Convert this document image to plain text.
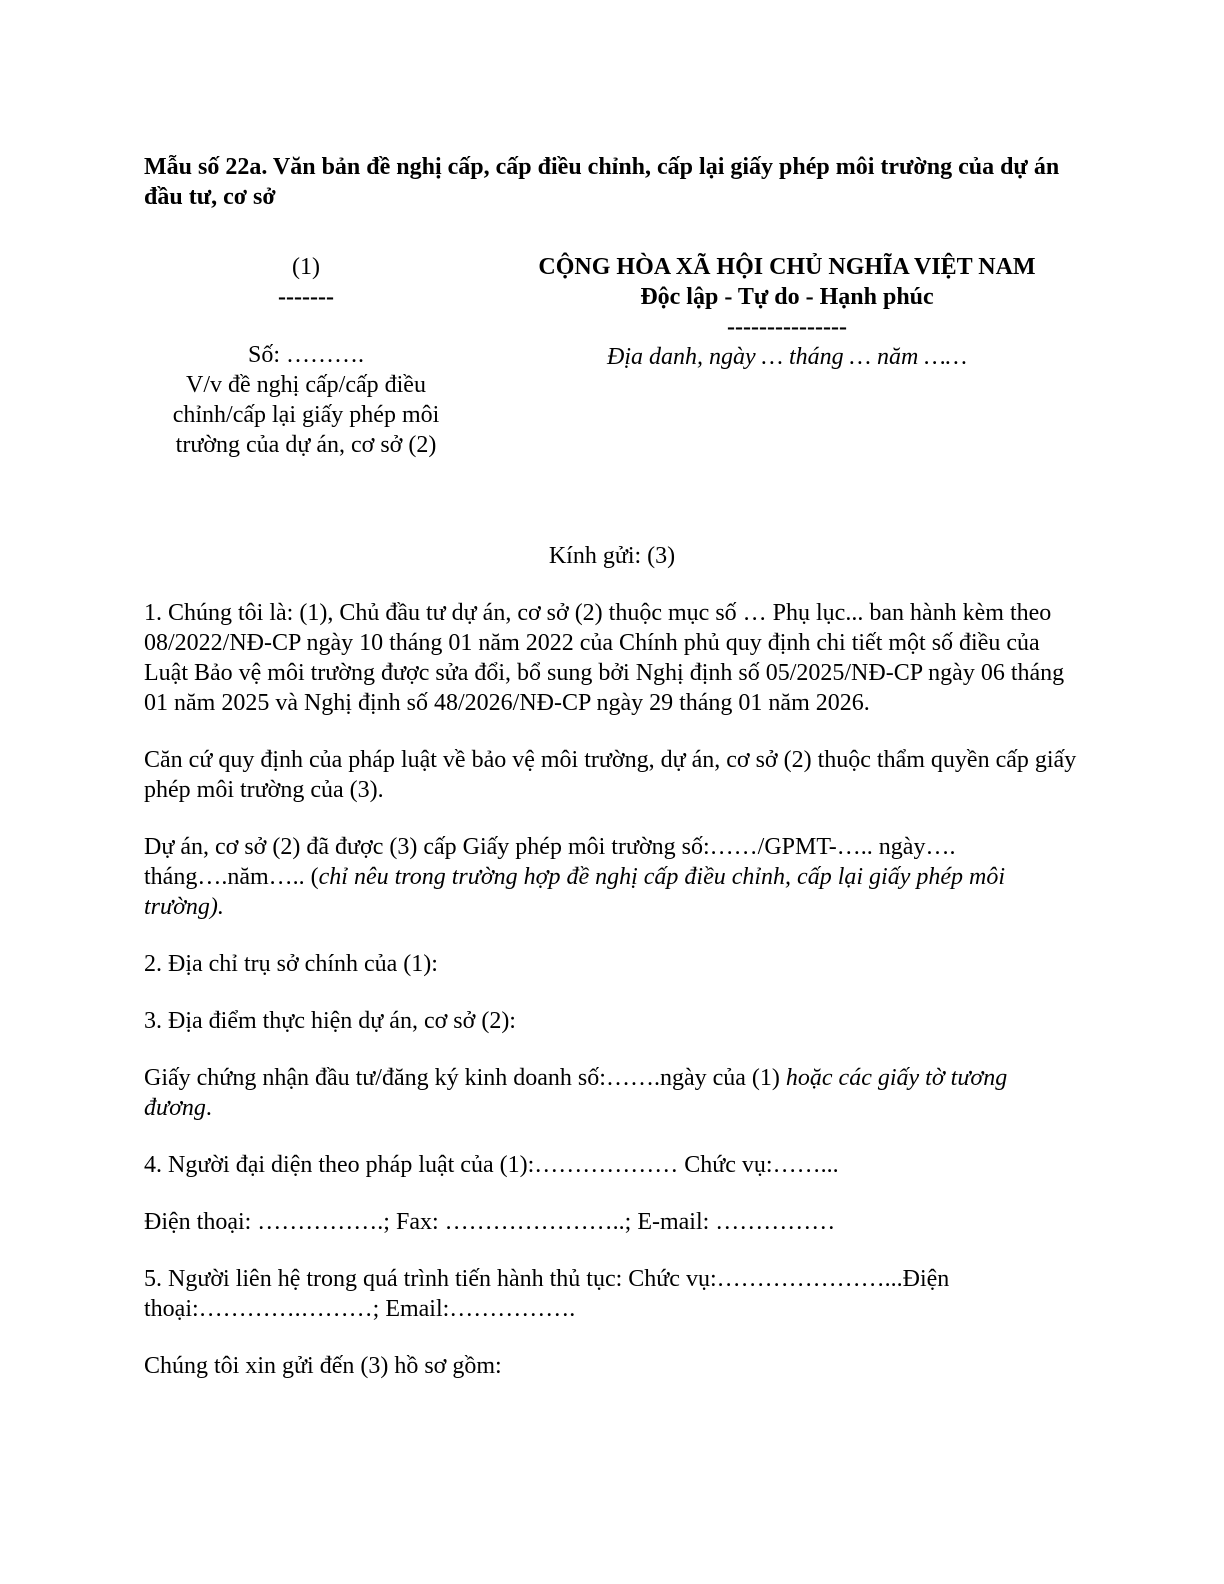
Mẫu số 22a. Văn bản đề nghị cấp, cấp điều chỉnh, cấp lại giấy phép môi trường của dự án đầu tư, cơ sở
(1)
-------
Số: ……….
V/v đề nghị cấp/cấp điều
chỉnh/cấp lại giấy phép môi
trường của dự án, cơ sở (2)
CỘNG HÒA XÃ HỘI CHỦ NGHĨA VIỆT NAM
Độc lập - Tự do - Hạnh phúc
---------------
Địa danh, ngày … tháng … năm ……
Kính gửi: (3)

1. Chúng tôi là: (1), Chủ đầu tư dự án, cơ sở (2) thuộc mục số … Phụ lục... ban hành kèm theo 08/2022/NĐ-CP ngày 10 tháng 01 năm 2022 của Chính phủ quy định chi tiết một số điều của Luật Bảo vệ môi trường được sửa đổi, bổ sung bởi Nghị định số 05/2025/NĐ-CP ngày 06 tháng 01 năm 2025 và Nghị định số 48/2026/NĐ-CP ngày 29 tháng 01 năm 2026.

Căn cứ quy định của pháp luật về bảo vệ môi trường, dự án, cơ sở (2) thuộc thẩm quyền cấp giấy phép môi trường của (3).

Dự án, cơ sở (2) đã được (3) cấp Giấy phép môi trường số:……/GPMT-….. ngày…. tháng….năm….. (chỉ nêu trong trường hợp đề nghị cấp điều chỉnh, cấp lại giấy phép môi trường).

2. Địa chỉ trụ sở chính của (1):

3. Địa điểm thực hiện dự án, cơ sở (2):

Giấy chứng nhận đầu tư/đăng ký kinh doanh số:…….ngày của (1) hoặc các giấy tờ tương đương.

4. Người đại diện theo pháp luật của (1):……………… Chức vụ:……...

Điện thoại: …………….; Fax: …………………..; E-mail: ……………

5. Người liên hệ trong quá trình tiến hành thủ tục: Chức vụ:…………………...Điện thoại:………….………; Email:…………….

Chúng tôi xin gửi đến (3) hồ sơ gồm:
